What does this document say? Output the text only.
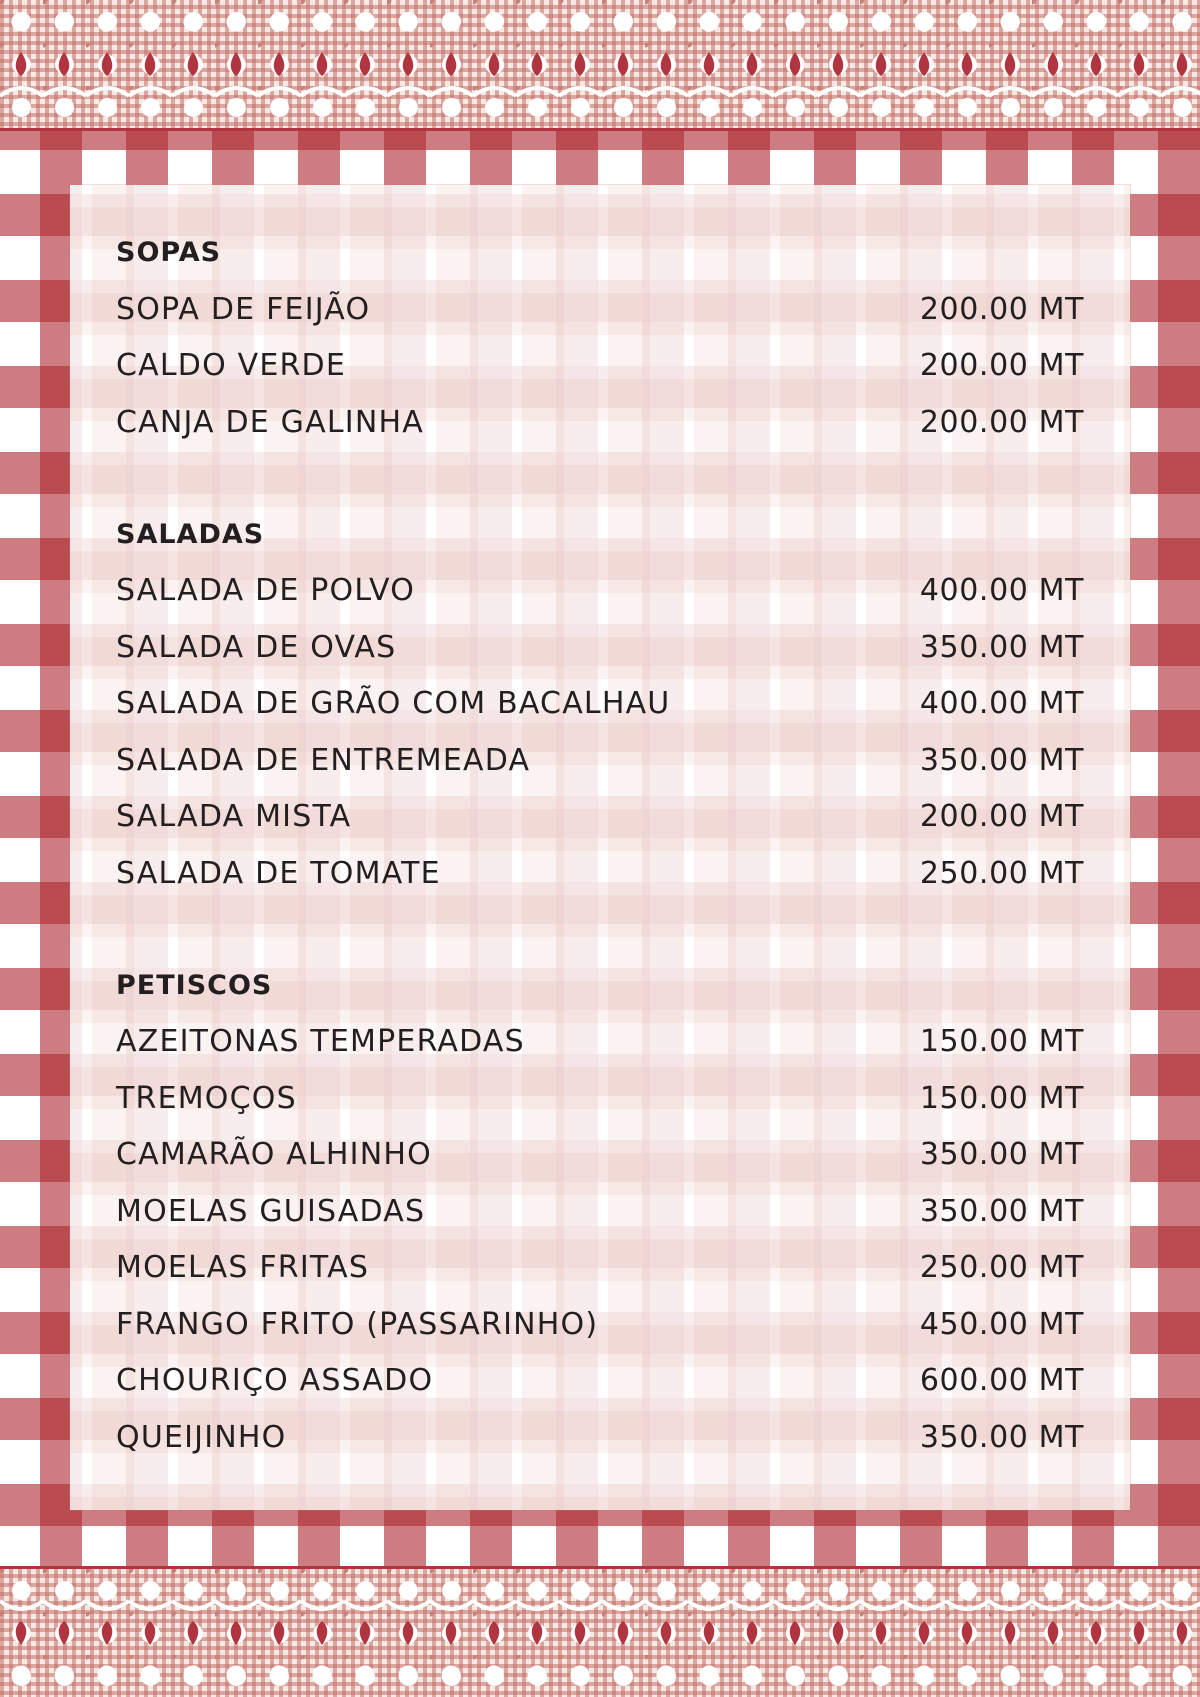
SOPAS
SOPA DE FEIJÃO	200.00 MT
CALDO VERDE	200.00 MT
CANJA DE GALINHA	200.00 MT
SALADAS
SALADA DE POLVO	400.00 MT
SALADA DE OVAS	350.00 MT
SALADA DE GRÃO COM BACALHAU	400.00 MT
SALADA DE ENTREMEADA	350.00 MT
SALADA MISTA	200.00 MT
SALADA DE TOMATE	250.00 MT
PETISCOS
AZEITONAS TEMPERADAS	150.00 MT
TREMOÇOS	150.00 MT
CAMARÃO ALHINHO	350.00 MT
MOELAS GUISADAS	350.00 MT
MOELAS FRITAS	250.00 MT
FRANGO FRITO (PASSARINHO)	450.00 MT
CHOURIÇO ASSADO	600.00 MT
QUEIJINHO	350.00 MT
